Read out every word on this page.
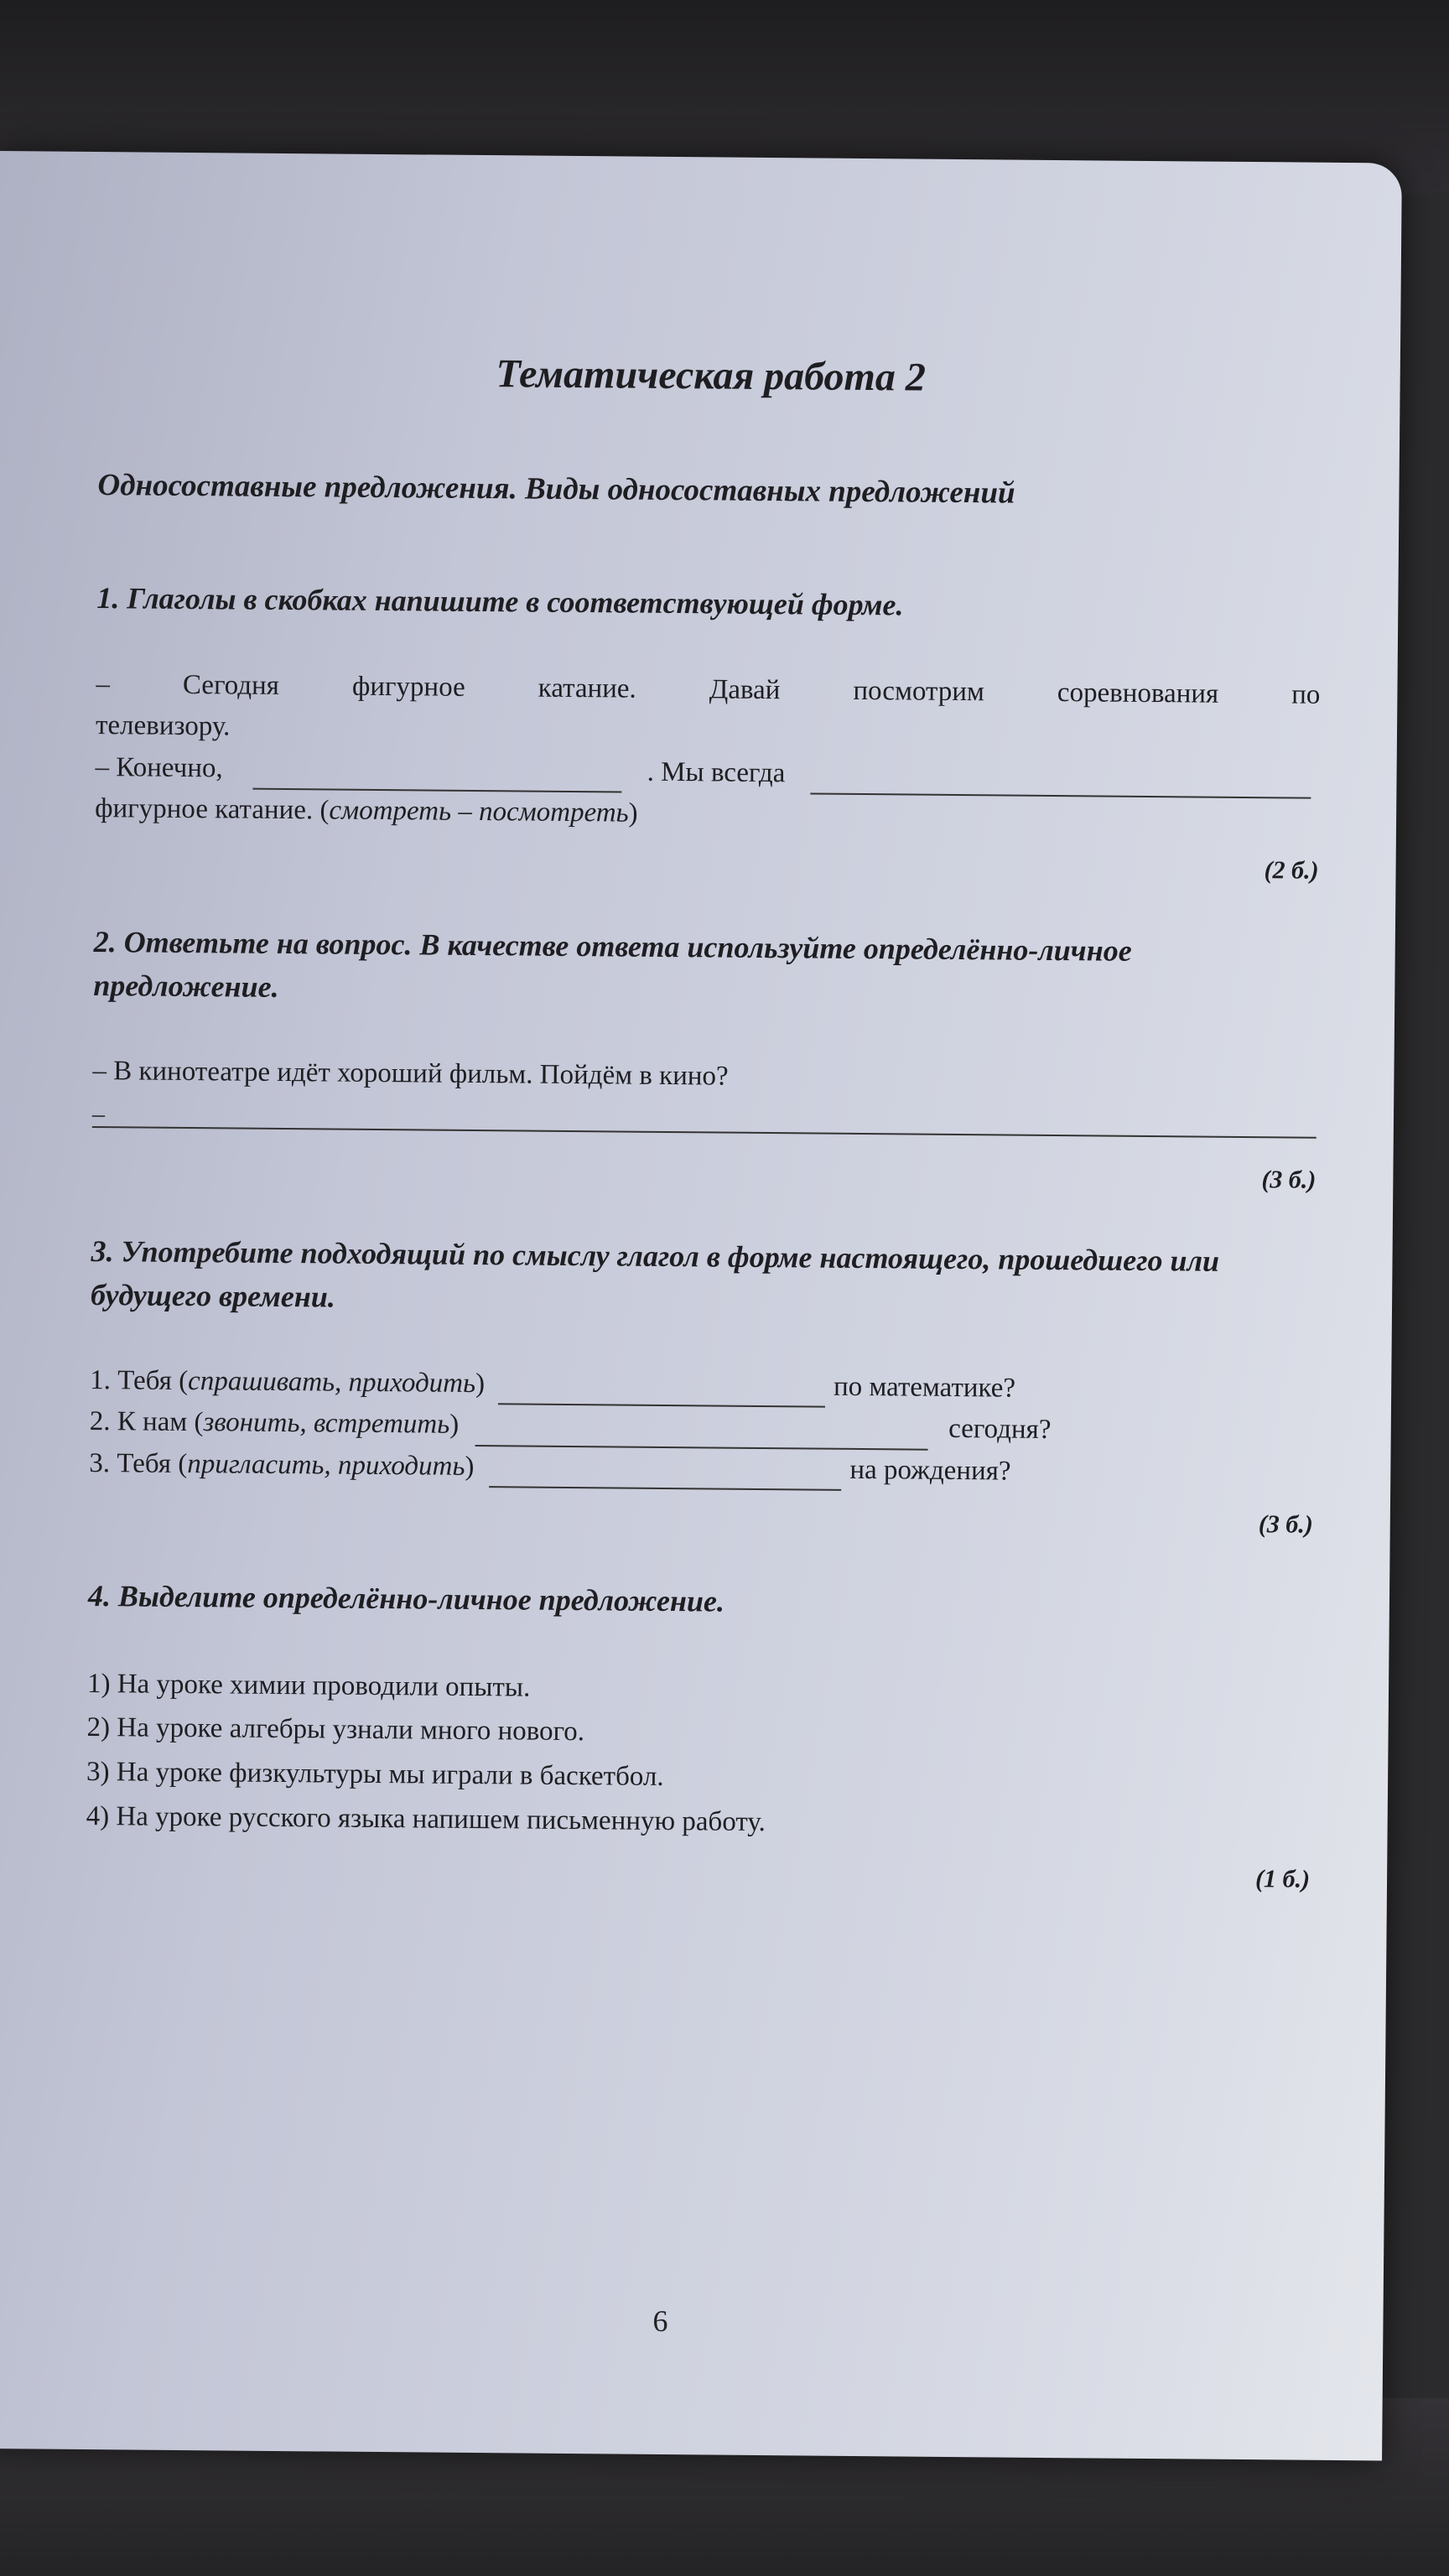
Тематическая работа 2
Односоставные предложения. Виды односоставных предложений
1. Глаголы в скобках напишите в соответствующей форме.

– Сегодня фигурное катание. Давай посмотрим соревнования по

телевизору.

– Конечно,	. Мы всегда

фигурное катание. (смотреть – посмотреть)

(2 б.)
2. Ответьте на вопрос. В качестве ответа используйте определённо-личное предложение.

– В кинотеатре идёт хороший фильм. Пойдём в кино?

–
(3 б.)
3. Употребите подходящий по смыслу глагол в форме настоящего, прошедшего или будущего времени.
1. Тебя ( спрашивать, приходить )	по математике?
2. К нам ( звонить, встретить )	сегодня?
3. Тебя ( пригласить, приходить )	на рождения?
(3 б.)
4. Выделите определённо-личное предложение.
1) На уроке химии проводили опыты.
2) На уроке алгебры узнали много нового.
3) На уроке физкультуры мы играли в баскетбол.
4) На уроке русского языка напишем письменную работу.
(1 б.)
6
